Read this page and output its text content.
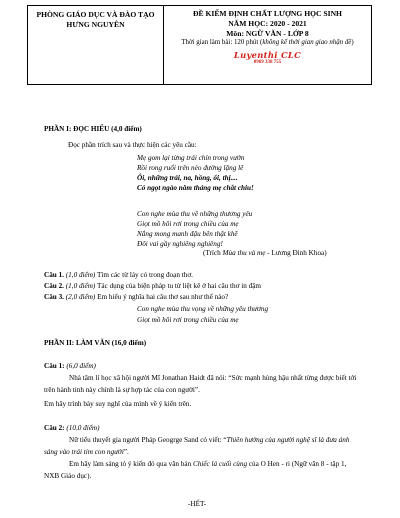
PHÒNG GIÁO DỤC VÀ ĐÀO TẠO
HƯNG NGUYÊN

ĐỀ KIỂM ĐỊNH CHẤT LƯỢNG HỌC SINH
NĂM HỌC: 2020 - 2021
Môn: NGỮ VĂN - LỚP 8
Thời gian làm bài: 120 phút (không kể thời gian giao nhận đề)
Luyenthi CLC
0969 338 755
PHẦN I: ĐỌC HIỂU (4,0 điểm)
Đọc phần trích sau và thực hiện các yêu cầu:
Mẹ gom lại từng trái chín trong vườn
Rồi rong ruổi trên nẻo đường lặng lẽ
Ôi, những trái, na, hồng, ổi, thị....
Có ngọt ngào năm tháng mẹ chắt chiu!
Con nghe mùa thu về những thương yêu
Giọt mồ hôi rơi trong chiều của mẹ
Nắng mong manh đậu bên thật khẽ
Đôi vai gầy nghiêng nghiêng!
(Trích Mùa thu và mẹ - Lương Đình Khoa)
Câu 1. (1,0 điểm) Tìm các từ láy có trong đoạn thơ.
Câu 2. (1,0 điểm) Tác dụng của biện pháp tu từ liệt kê ở hai câu thơ in đậm
Câu 3. (2,0 điểm) Em hiểu ý nghĩa hai câu thơ sau như thế nào?
Con nghe mùa thu vọng về những yêu thương
Giọt mồ hôi rơi trong chiều của mẹ
PHẦN II: LÀM VĂN (16,0 điểm)
Câu 1: (6,0 điểm)
Nhà tâm lí học xã hội người Mĩ Jonathan Haidt đã nói: “Sức mạnh hùng hậu nhất từng được biết tới trên hành tinh này chính là sự hợp tác của con người”.
Em hãy trình bày suy nghĩ của mình về ý kiến trên.
Câu 2: (10,0 điểm)
Nữ tiểu thuyết gia người Pháp Geogrge Sand có viết: “Thiên hướng của người nghệ sĩ là đưa ánh sáng vào trái tim con người”.
Em hãy làm sáng tỏ ý kiến đó qua văn bản Chiếc lá cuối cùng của O Hen - ri (Ngữ văn 8 - tập 1, NXB Giáo dục).
-HẾT-
